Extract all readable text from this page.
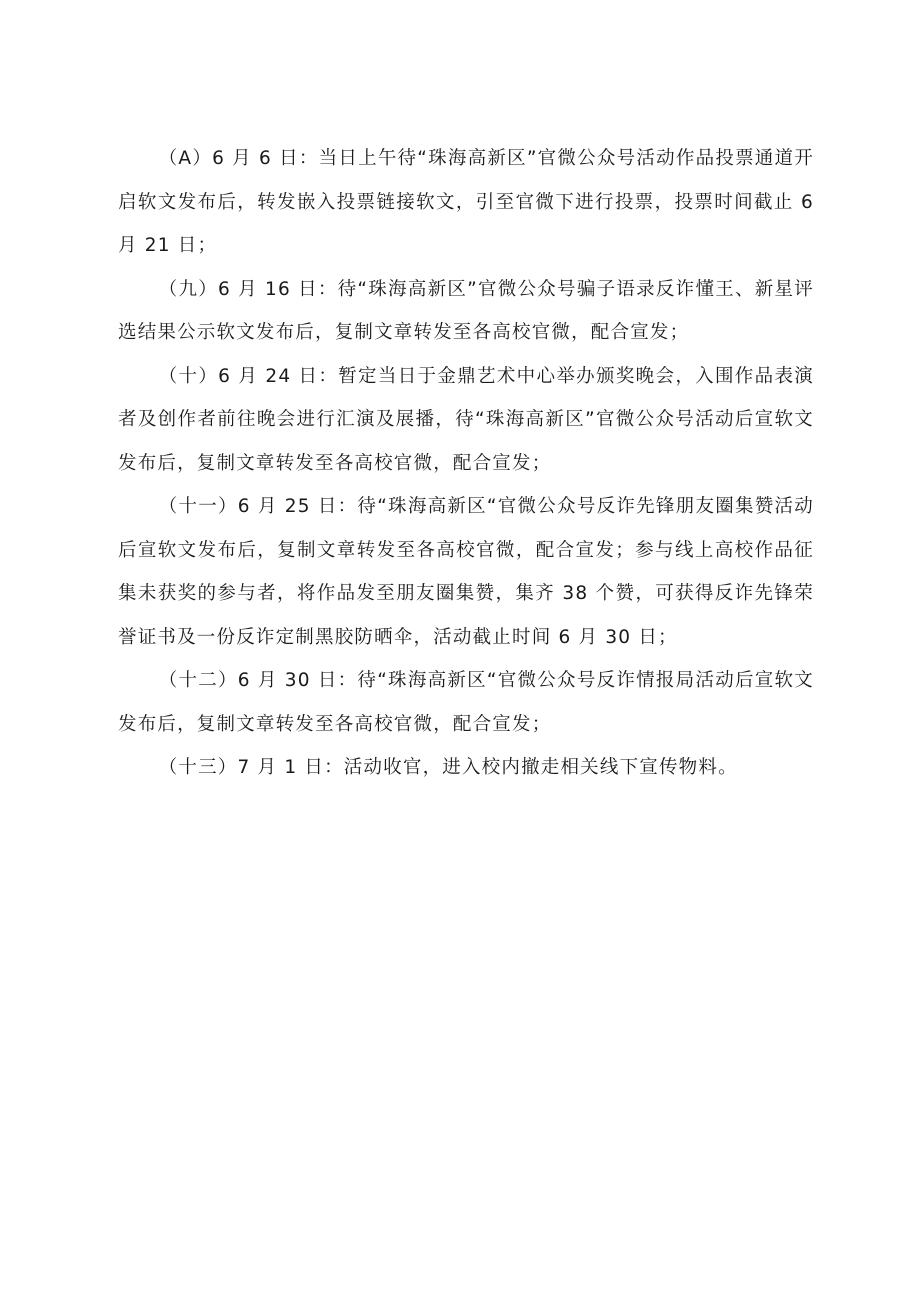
（A）6 月 6 日：当日上午待“珠海高新区”官微公众号活动作品投票通道开启软文发布后，转发嵌入投票链接软文，引至官微下进行投票，投票时间截止 6 月 21 日；

（九）6 月 16 日：待“珠海高新区”官微公众号骗子语录反诈懂王、新星评选结果公示软文发布后，复制文章转发至各高校官微，配合宣发；

（十）6 月 24 日：暂定当日于金鼎艺术中心举办颁奖晚会，入围作品表演者及创作者前往晚会进行汇演及展播，待“珠海高新区”官微公众号活动后宣软文发布后，复制文章转发至各高校官微，配合宣发；

（十一）6 月 25 日：待“珠海高新区“官微公众号反诈先锋朋友圈集赞活动后宣软文发布后，复制文章转发至各高校官微，配合宣发；参与线上高校作品征集未获奖的参与者，将作品发至朋友圈集赞，集齐 38 个赞，可获得反诈先锋荣誉证书及一份反诈定制黑胶防晒伞，活动截止时间 6 月 30 日；

（十二）6 月 30 日：待“珠海高新区“官微公众号反诈情报局活动后宣软文发布后，复制文章转发至各高校官微，配合宣发；

（十三）7 月 1 日：活动收官，进入校内撤走相关线下宣传物料。
